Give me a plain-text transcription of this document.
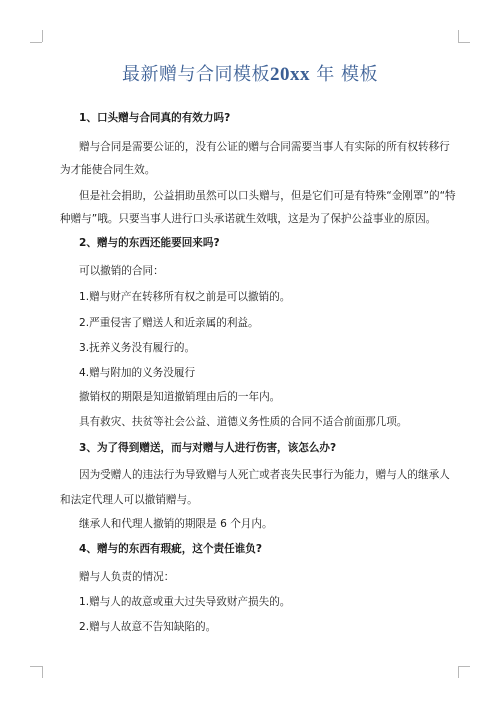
最新赠与合同模板20xx 年 模板
1、口头赠与合同真的有效力吗?
赠与合同是需要公证的，没有公证的赠与合同需要当事人有实际的所有权转移行
为才能使合同生效。
但是社会捐助，公益捐助虽然可以口头赠与，但是它们可是有特殊“金刚罩”的“特
种赠与”哦。只要当事人进行口头承诺就生效哦，这是为了保护公益事业的原因。
2、赠与的东西还能要回来吗?
可以撤销的合同：
1.赠与财产在转移所有权之前是可以撤销的。
2.严重侵害了赠送人和近亲属的利益。
3.抚养义务没有履行的。
4.赠与附加的义务没履行
撤销权的期限是知道撤销理由后的一年内。
具有救灾、扶贫等社会公益、道德义务性质的合同不适合前面那几项。
3、为了得到赠送，而与对赠与人进行伤害，该怎么办?
因为受赠人的违法行为导致赠与人死亡或者丧失民事行为能力，赠与人的继承人
和法定代理人可以撤销赠与。
继承人和代理人撤销的期限是 6 个月内。
4、赠与的东西有瑕疵，这个责任谁负?
赠与人负责的情况：
1.赠与人的故意或重大过失导致财产损失的。
2.赠与人故意不告知缺陷的。
